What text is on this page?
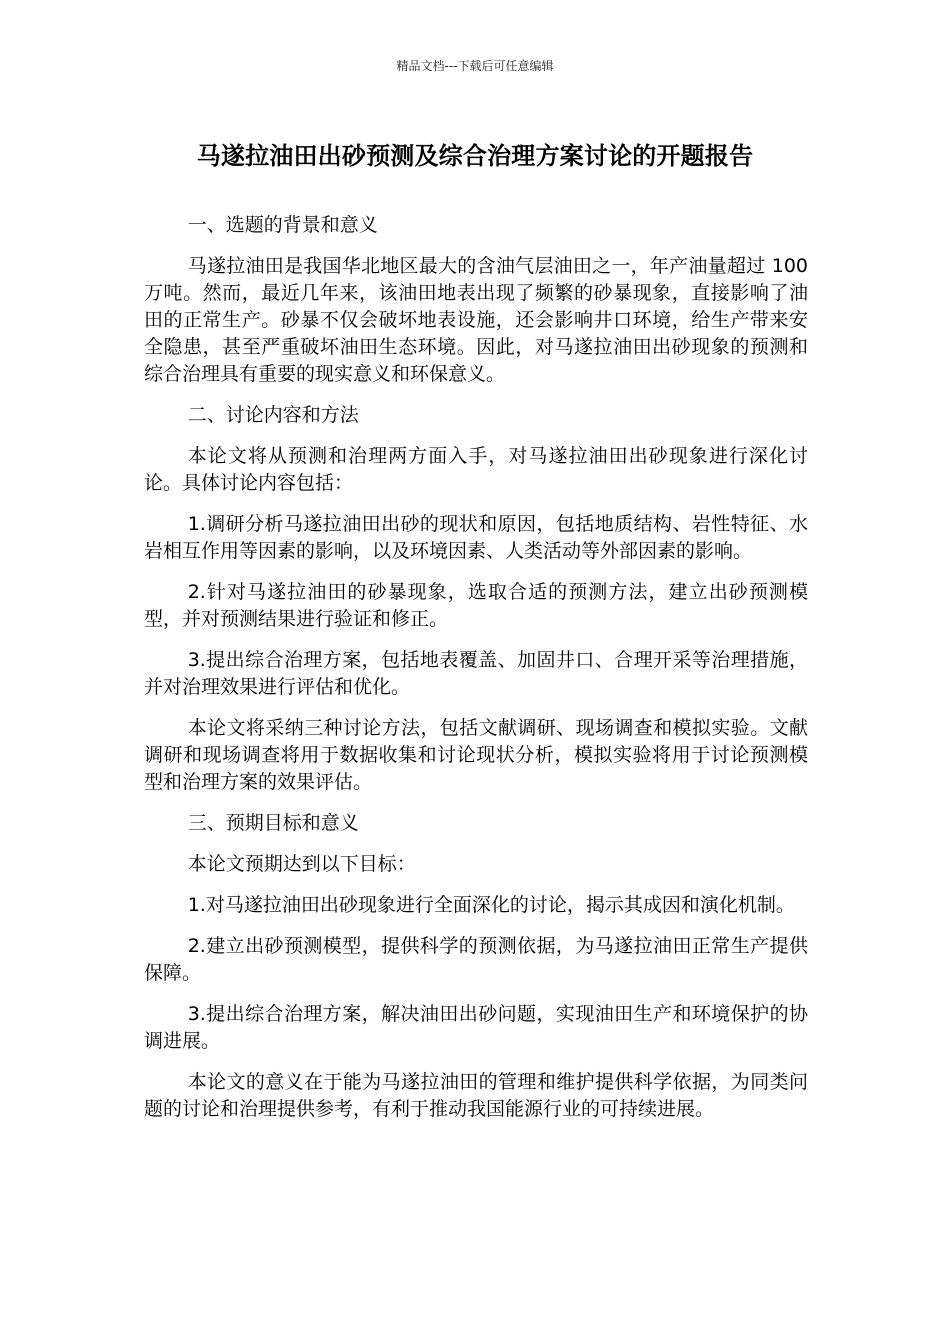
精品文档---下载后可任意编辑
马遂拉油田出砂预测及综合治理方案讨论的开题报告

一、选题的背景和意义

马遂拉油田是我国华北地区最大的含油气层油田之一，年产油量超过 100 万吨。然而，最近几年来，该油田地表出现了频繁的砂暴现象，直接影响了油田的正常生产。砂暴不仅会破坏地表设施，还会影响井口环境，给生产带来安全隐患，甚至严重破坏油田生态环境。因此，对马遂拉油田出砂现象的预测和综合治理具有重要的现实意义和环保意义。

二、讨论内容和方法

本论文将从预测和治理两方面入手，对马遂拉油田出砂现象进行深化讨论。具体讨论内容包括：

1.调研分析马遂拉油田出砂的现状和原因，包括地质结构、岩性特征、水岩相互作用等因素的影响，以及环境因素、人类活动等外部因素的影响。

2.针对马遂拉油田的砂暴现象，选取合适的预测方法，建立出砂预测模型，并对预测结果进行验证和修正。

3.提出综合治理方案，包括地表覆盖、加固井口、合理开采等治理措施，并对治理效果进行评估和优化。

本论文将采纳三种讨论方法，包括文献调研、现场调查和模拟实验。文献调研和现场调查将用于数据收集和讨论现状分析，模拟实验将用于讨论预测模型和治理方案的效果评估。

三、预期目标和意义

本论文预期达到以下目标：

1.对马遂拉油田出砂现象进行全面深化的讨论，揭示其成因和演化机制。

2.建立出砂预测模型，提供科学的预测依据，为马遂拉油田正常生产提供保障。

3.提出综合治理方案，解决油田出砂问题，实现油田生产和环境保护的协调进展。

本论文的意义在于能为马遂拉油田的管理和维护提供科学依据，为同类问题的讨论和治理提供参考，有利于推动我国能源行业的可持续进展。
